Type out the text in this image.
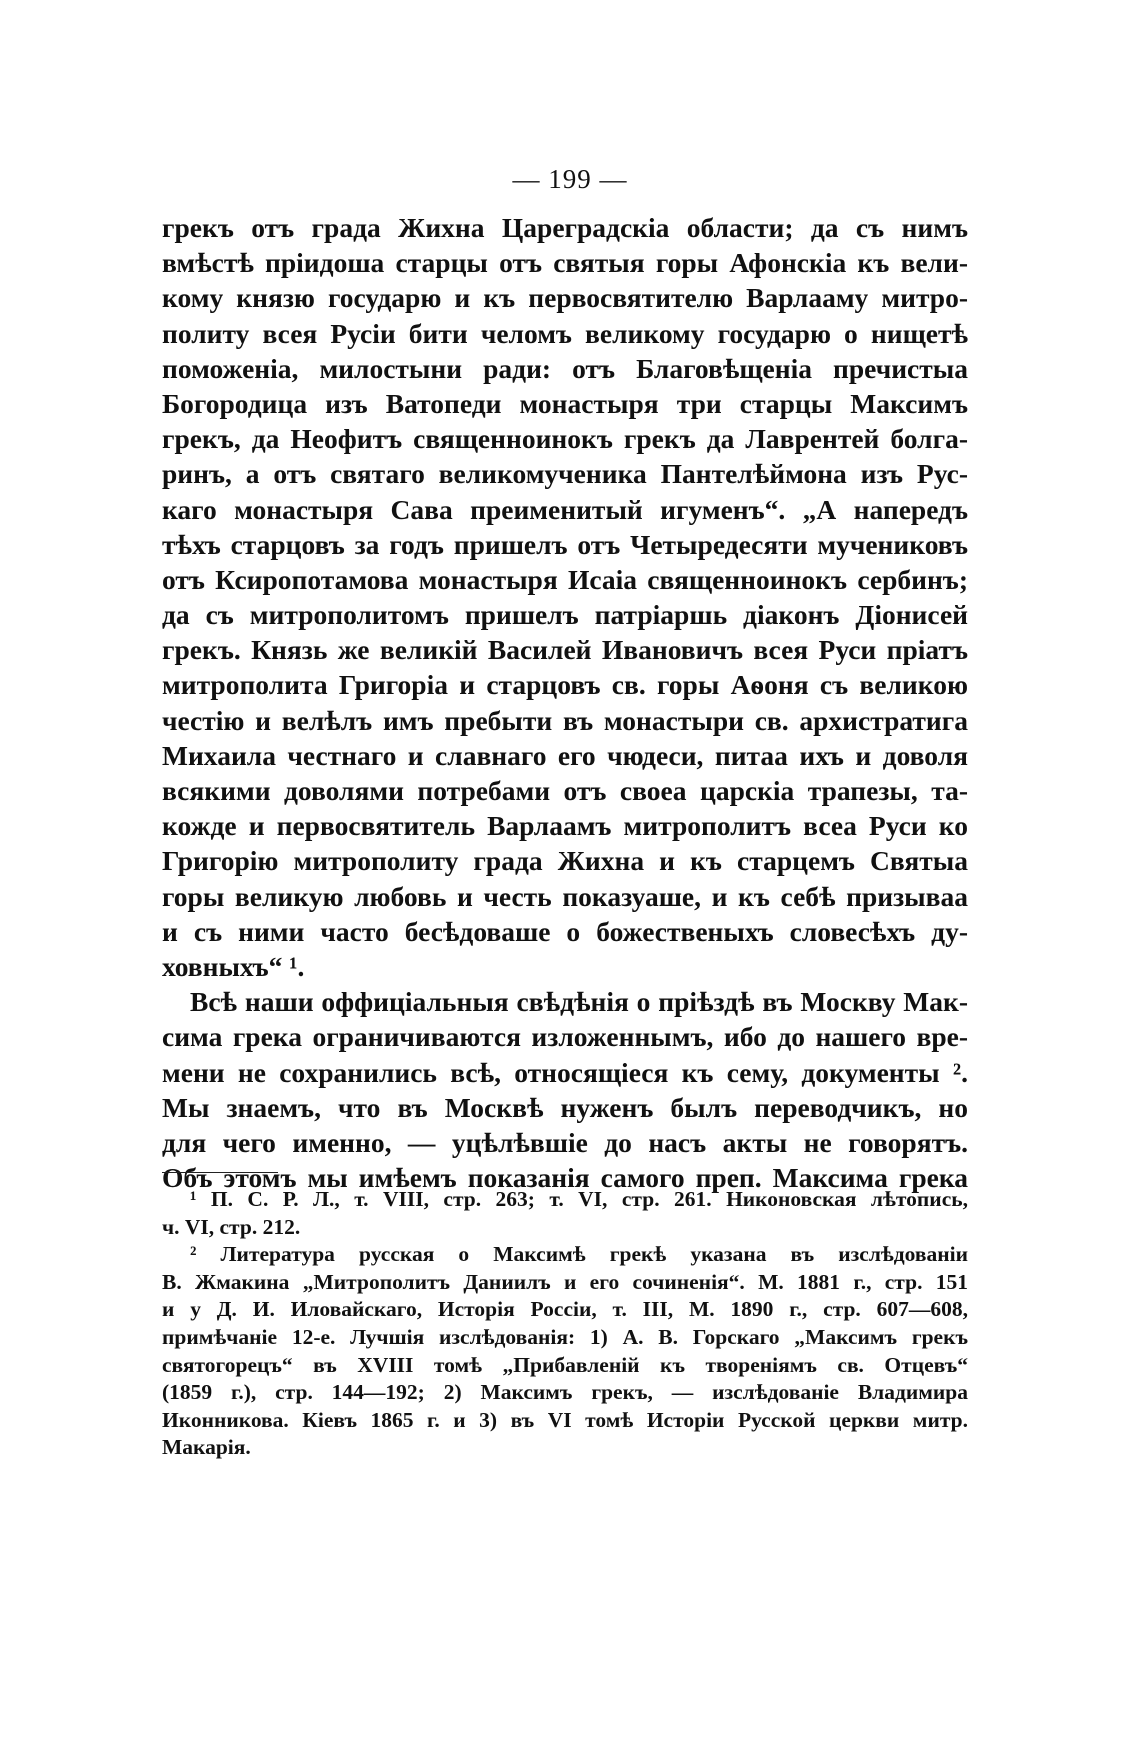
— 199 —
грекъ отъ града Жихна Цареградскiа области; да съ нимъ
вмѣстѣ прiидоша старцы отъ святыя горы Афонскiа къ вели-
кому князю государю и къ первосвятителю Варлааму митро-
политу всея Русiи бити челомъ великому государю о нищетѣ
поможенiа, милостыни ради: отъ Благовѣщенiа пречистыа
Богородица изъ Ватопеди монастыря три старцы Максимъ
грекъ, да Неофитъ священноинокъ грекъ да Лаврентей болга-
ринъ, а отъ святаго великомученика Пантелѣймона изъ Рус-
каго монастыря Сава преименитый игуменъ“. „А напередъ
тѣхъ старцовъ за годъ пришелъ отъ Четыредесяти мучениковъ
отъ Ксиропотамова монастыря Исаiа священноинокъ сербинъ;
да съ митрополитомъ пришелъ патрiаршь дiаконъ Дiонисей
грекъ. Князь же великiй Василей Ивановичъ всея Руси прiатъ
митрополита Григорiа и старцовъ св. горы Аѳоня съ великою
честiю и велѣлъ имъ пребыти въ монастыри св. архистратига
Михаила честнаго и славнаго его чюдеси, питаа ихъ и доволя
всякими доволями потребами отъ своеа царскiа трапезы, та-
кожде и первосвятитель Варлаамъ митрополитъ всеа Руси ко
Григорiю митрополиту града Жихна и къ старцемъ Святыа
горы великую любовь и честь показуаше, и къ себѣ призываа
и съ ними часто бесѣдоваше о божественыхъ словесѣхъ ду-
ховныхъ“ ¹.
Всѣ наши оффицiальныя свѣдѣнiя о прiѣздѣ въ Москву Мак-
сима грека ограничиваются изложеннымъ, ибо до нашего вре-
мени не сохранились всѣ, относящiеся къ сему, документы ².
Мы знаемъ, что въ Москвѣ нуженъ былъ переводчикъ, но
для чего именно, — уцѣлѣвшiе до насъ акты не говорятъ.
Объ этомъ мы имѣемъ показанiя самого преп. Максима грека
¹ П. С. Р. Л., т. VIII, стр. 263; т. VI, стр. 261. Никоновская лѣтопись,
ч. VI, стр. 212.
² Литература русская о Максимѣ грекѣ указана въ изслѣдованiи
В. Жмакина „Митрополитъ Даниилъ и его сочиненiя“. М. 1881 г., стр. 151
и у Д. И. Иловайскаго, Исторiя Россiи, т. III, М. 1890 г., стр. 607—608,
примѣчанiе 12-е. Лучшiя изслѣдованiя: 1) А. В. Горскаго „Максимъ грекъ
святогорецъ“ въ XVIII томѣ „Прибавленiй къ творенiямъ св. Отцевъ“
(1859 г.), стр. 144—192; 2) Максимъ грекъ, — изслѣдованiе Владимира
Иконникова. Кiевъ 1865 г. и 3) въ VI томѣ Исторiи Русской церкви митр.
Макарiя.
